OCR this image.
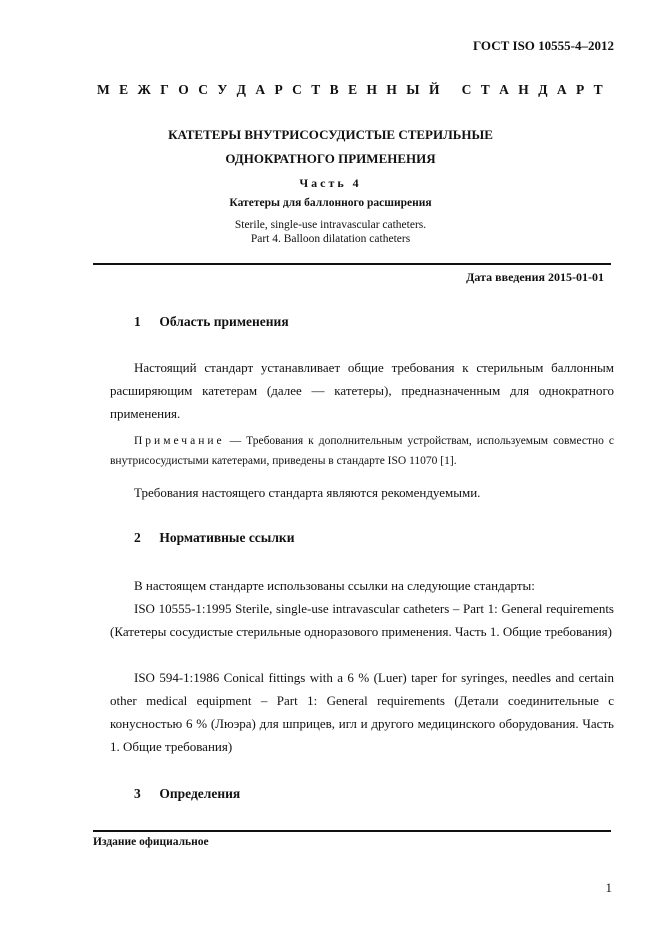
ГОСТ ISO 10555-4–2012
М Е Ж Г О С У Д А Р С Т В Е Н Н Ы Й
С Т А Н Д А Р Т
КАТЕТЕРЫ ВНУТРИСОСУДИСТЫЕ СТЕРИЛЬНЫЕ
ОДНОКРАТНОГО ПРИМЕНЕНИЯ
Часть 4
Катетеры для баллонного расширения
Sterile, single-use intravascular catheters.
Part 4. Balloon dilatation catheters
Дата введения 2015-01-01
1 Область применения
Настоящий стандарт устанавливает общие требования к стерильным баллонным расширяющим катетерам (далее — катетеры), предназначенным для однократного применения.
Примечание — Требования к дополнительным устройствам, используемым совместно с внутрисосудистыми катетерами, приведены в стандарте ISO 11070 [1].
Требования настоящего стандарта являются рекомендуемыми.
2 Нормативные ссылки
В настоящем стандарте использованы ссылки на следующие стандарты:
ISO 10555-1:1995 Sterile, single-use intravascular catheters – Part 1: General requirements (Катетеры сосудистые стерильные одноразового применения. Часть 1. Общие требования)
ISO 594-1:1986 Conical fittings with a 6 % (Luer) taper for syringes, needles and certain other medical equipment – Part 1: General requirements (Детали соединительные с конусностью 6 % (Люэра) для шприцев, игл и другого медицинского оборудования. Часть 1. Общие требования)
3 Определения
Издание официальное
1
